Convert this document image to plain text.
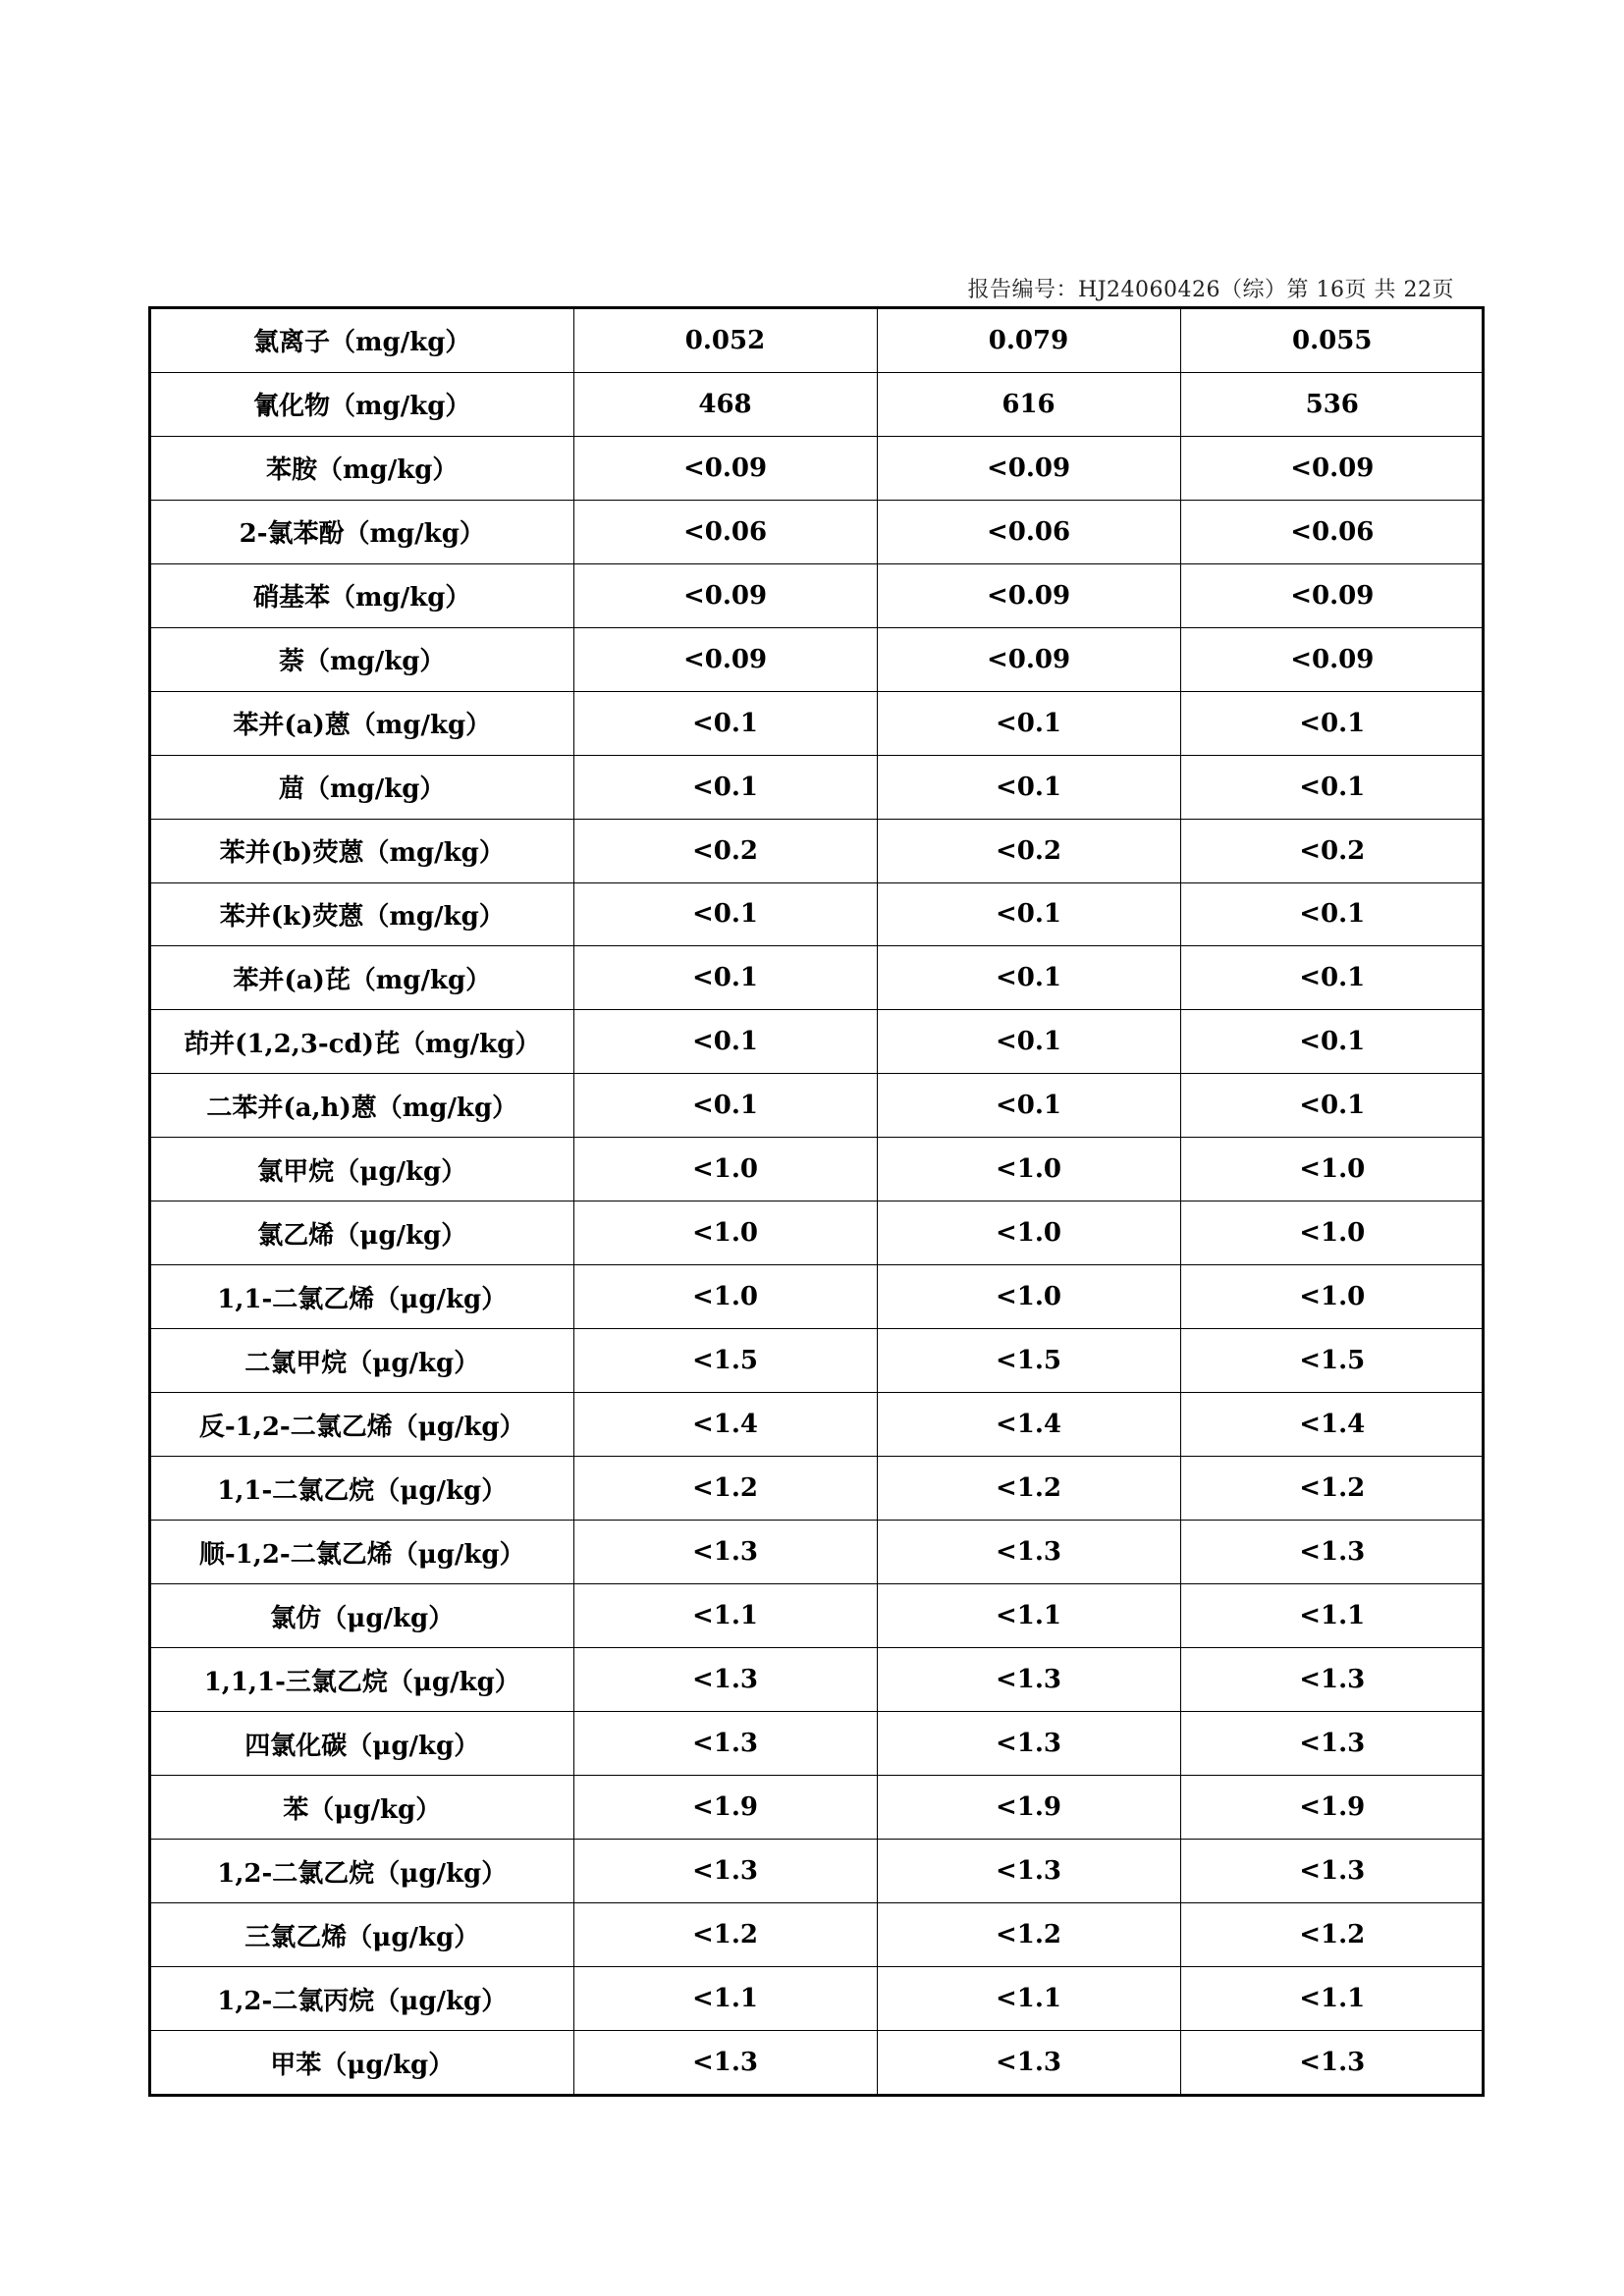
报告编号：HJ24060426（综）第 16页 共 22页
氯离子（mg/kg）	0.052	0.079	0.055
氰化物（mg/kg）	468	616	536
苯胺（mg/kg）	<0.09	<0.09	<0.09
2-氯苯酚（mg/kg）	<0.06	<0.06	<0.06
硝基苯（mg/kg）	<0.09	<0.09	<0.09
萘（mg/kg）	<0.09	<0.09	<0.09
苯并(a)蒽（mg/kg）	<0.1	<0.1	<0.1
䓛（mg/kg）	<0.1	<0.1	<0.1
苯并(b)荧蒽（mg/kg）	<0.2	<0.2	<0.2
苯并(k)荧蒽（mg/kg）	<0.1	<0.1	<0.1
苯并(a)芘（mg/kg）	<0.1	<0.1	<0.1
茚并(1,2,3-cd)芘（mg/kg）	<0.1	<0.1	<0.1
二苯并(a,h)蒽（mg/kg）	<0.1	<0.1	<0.1
氯甲烷（μg/kg）	<1.0	<1.0	<1.0
氯乙烯（μg/kg）	<1.0	<1.0	<1.0
1,1-二氯乙烯（μg/kg）	<1.0	<1.0	<1.0
二氯甲烷（μg/kg）	<1.5	<1.5	<1.5
反-1,2-二氯乙烯（μg/kg）	<1.4	<1.4	<1.4
1,1-二氯乙烷（μg/kg）	<1.2	<1.2	<1.2
顺-1,2-二氯乙烯（μg/kg）	<1.3	<1.3	<1.3
氯仿（μg/kg）	<1.1	<1.1	<1.1
1,1,1-三氯乙烷（μg/kg）	<1.3	<1.3	<1.3
四氯化碳（μg/kg）	<1.3	<1.3	<1.3
苯（μg/kg）	<1.9	<1.9	<1.9
1,2-二氯乙烷（μg/kg）	<1.3	<1.3	<1.3
三氯乙烯（μg/kg）	<1.2	<1.2	<1.2
1,2-二氯丙烷（μg/kg）	<1.1	<1.1	<1.1
甲苯（μg/kg）	<1.3	<1.3	<1.3
